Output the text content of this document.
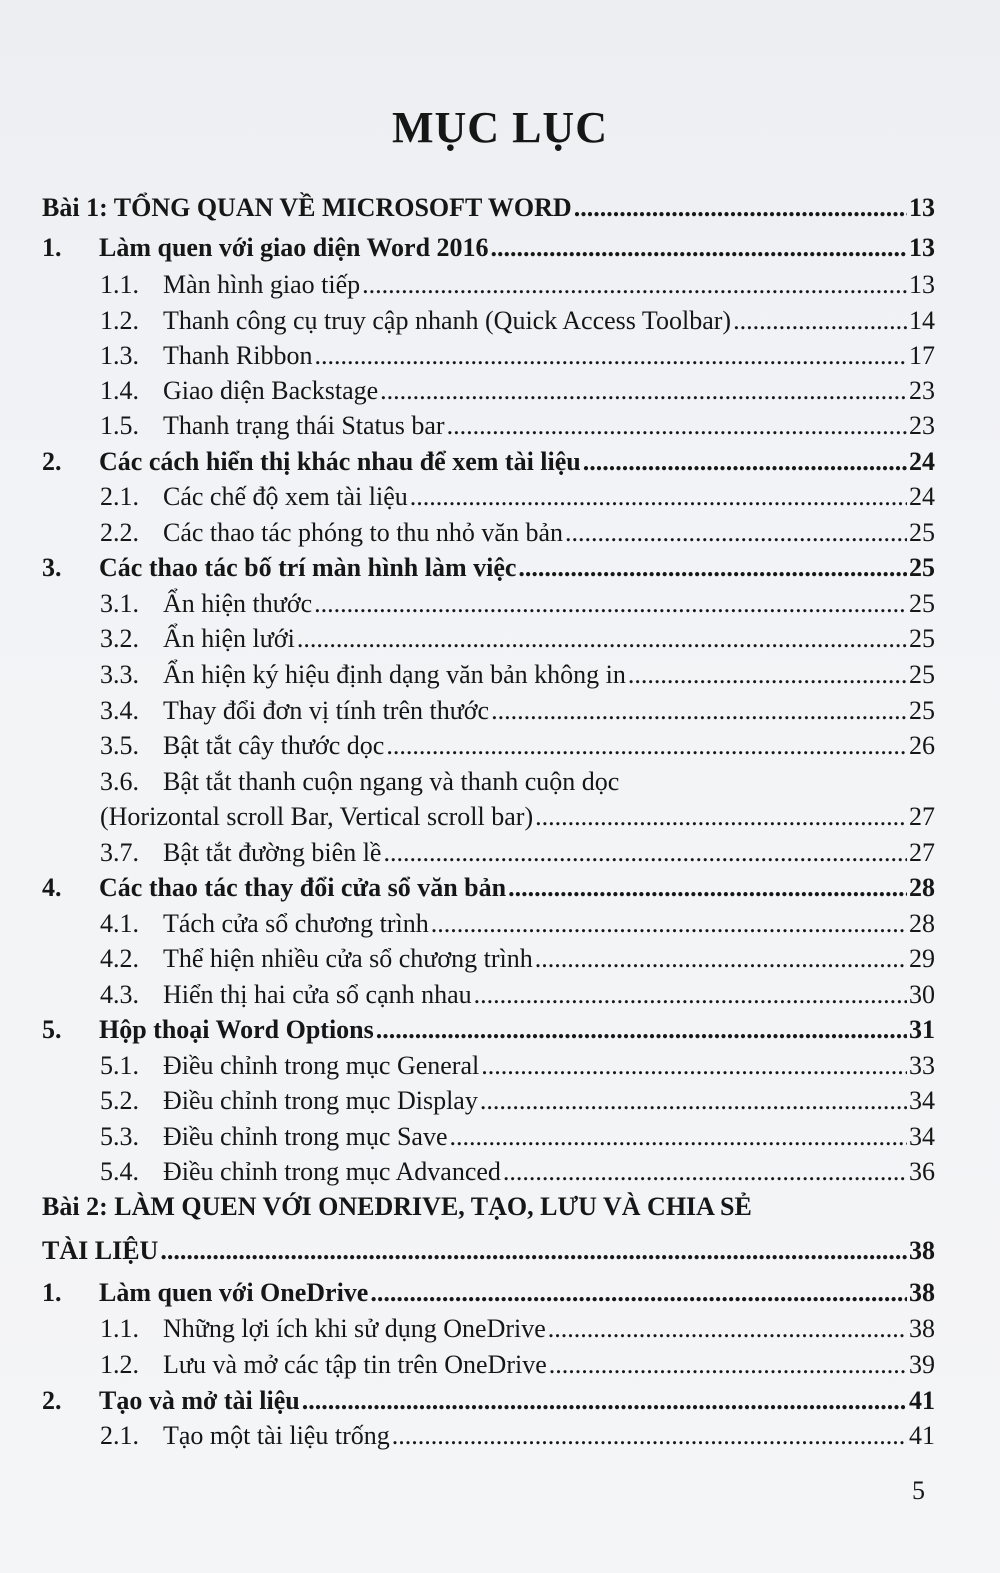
MỤC LỤC
Bài 1: TỔNG QUAN VỀ MICROSOFT WORD .....	13
1.	Làm quen với giao diện Word 2016 .....	13
1.1. Màn hình giao tiếp .....	13
1.2. Thanh công cụ truy cập nhanh (Quick Access Toolbar) .....	14
1.3. Thanh Ribbon .....	17
1.4. Giao diện Backstage .....	23
1.5. Thanh trạng thái Status bar .....	23
2.	Các cách hiển thị khác nhau để xem tài liệu .....	24
2.1. Các chế độ xem tài liệu .....	24
2.2. Các thao tác phóng to thu nhỏ văn bản .....	25
3.	Các thao tác bố trí màn hình làm việc .....	25
3.1. Ẩn hiện thước .....	25
3.2. Ẩn hiện lưới .....	25
3.3. Ẩn hiện ký hiệu định dạng văn bản không in .....	25
3.4. Thay đổi đơn vị tính trên thước .....	25
3.5. Bật tắt cây thước dọc .....	26
3.6. Bật tắt thanh cuộn ngang và thanh cuộn dọc
(Horizontal scroll Bar, Vertical scroll bar) .....	27
3.7. Bật tắt đường biên lề .....	27
4.	Các thao tác thay đổi cửa sổ văn bản .....	28
4.1. Tách cửa sổ chương trình .....	28
4.2. Thể hiện nhiều cửa sổ chương trình .....	29
4.3. Hiển thị hai cửa sổ cạnh nhau .....	30
5.	Hộp thoại Word Options .....	31
5.1. Điều chỉnh trong mục General .....	33
5.2. Điều chỉnh trong mục Display .....	34
5.3. Điều chỉnh trong mục Save .....	34
5.4. Điều chỉnh trong mục Advanced .....	36
Bài 2: LÀM QUEN VỚI ONEDRIVE, TẠO, LƯU VÀ CHIA SẺ
TÀI LIỆU .....	38
1.	Làm quen với OneDrive .....	38
1.1. Những lợi ích khi sử dụng OneDrive .....	38
1.2. Lưu và mở các tập tin trên OneDrive .....	39
2.	Tạo và mở tài liệu .....	41
2.1. Tạo một tài liệu trống .....	41
5
